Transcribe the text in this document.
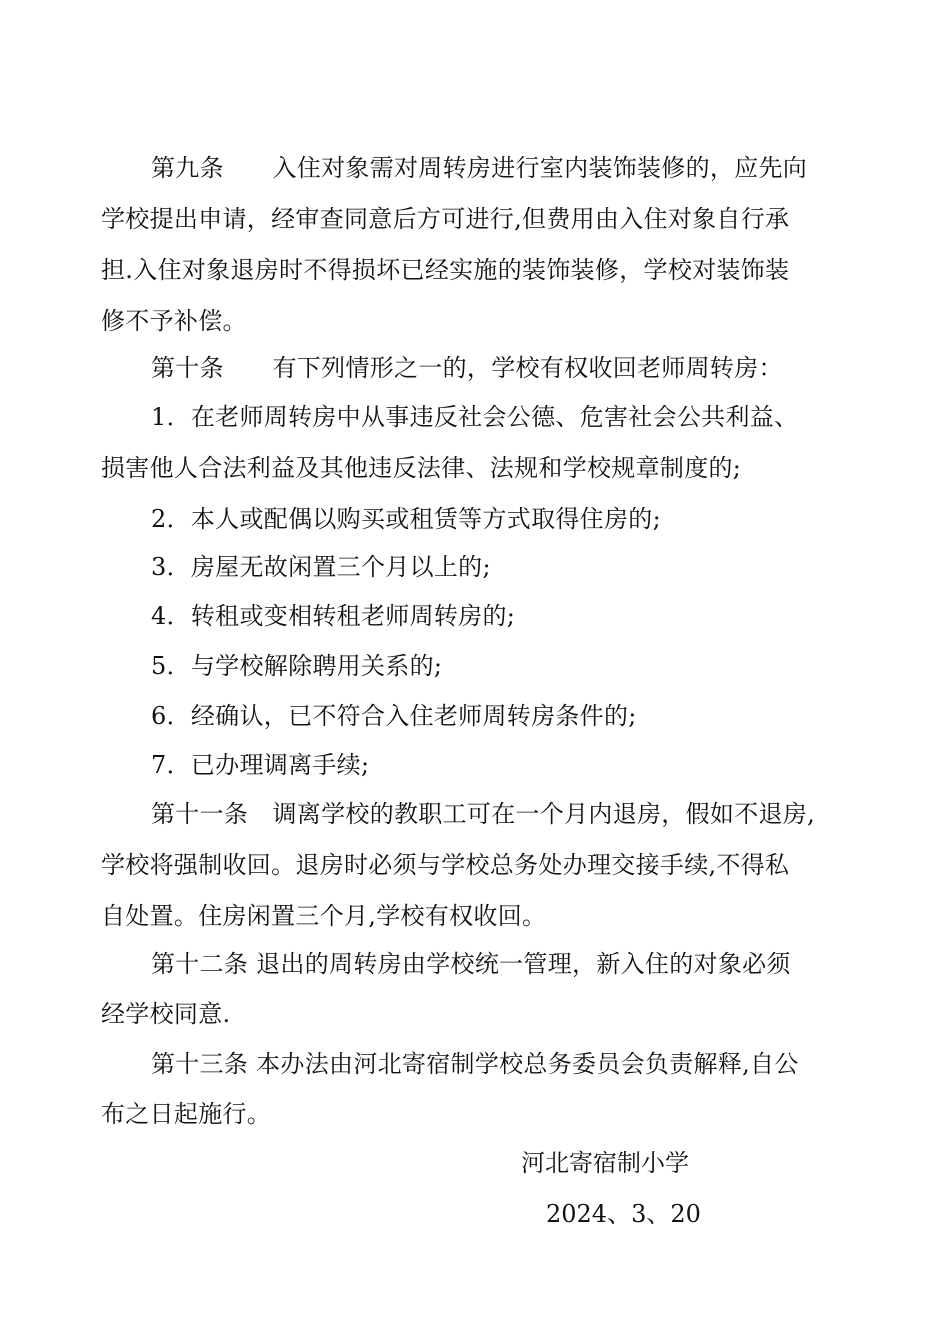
第九条　　入住对象需对周转房进行室内装饰装修的，应先向
学校提出申请，经审查同意后方可进行,但费用由入住对象自行承
担.入住对象退房时不得损坏已经实施的装饰装修，学校对装饰装
修不予补偿。
第十条　　有下列情形之一的，学校有权收回老师周转房：
1．在老师周转房中从事违反社会公德、危害社会公共利益、
损害他人合法利益及其他违反法律、法规和学校规章制度的;
2．本人或配偶以购买或租赁等方式取得住房的;
3．房屋无故闲置三个月以上的;
4．转租或变相转租老师周转房的;
5．与学校解除聘用关系的;
6．经确认，已不符合入住老师周转房条件的;
7．已办理调离手续;
第十一条　调离学校的教职工可在一个月内退房，假如不退房,
学校将强制收回。退房时必须与学校总务处办理交接手续,不得私
自处置。住房闲置三个月,学校有权收回。
第十二条 退出的周转房由学校统一管理，新入住的对象必须
经学校同意.
第十三条 本办法由河北寄宿制学校总务委员会负责解释,自公
布之日起施行。
河北寄宿制小学
2024、3、20
